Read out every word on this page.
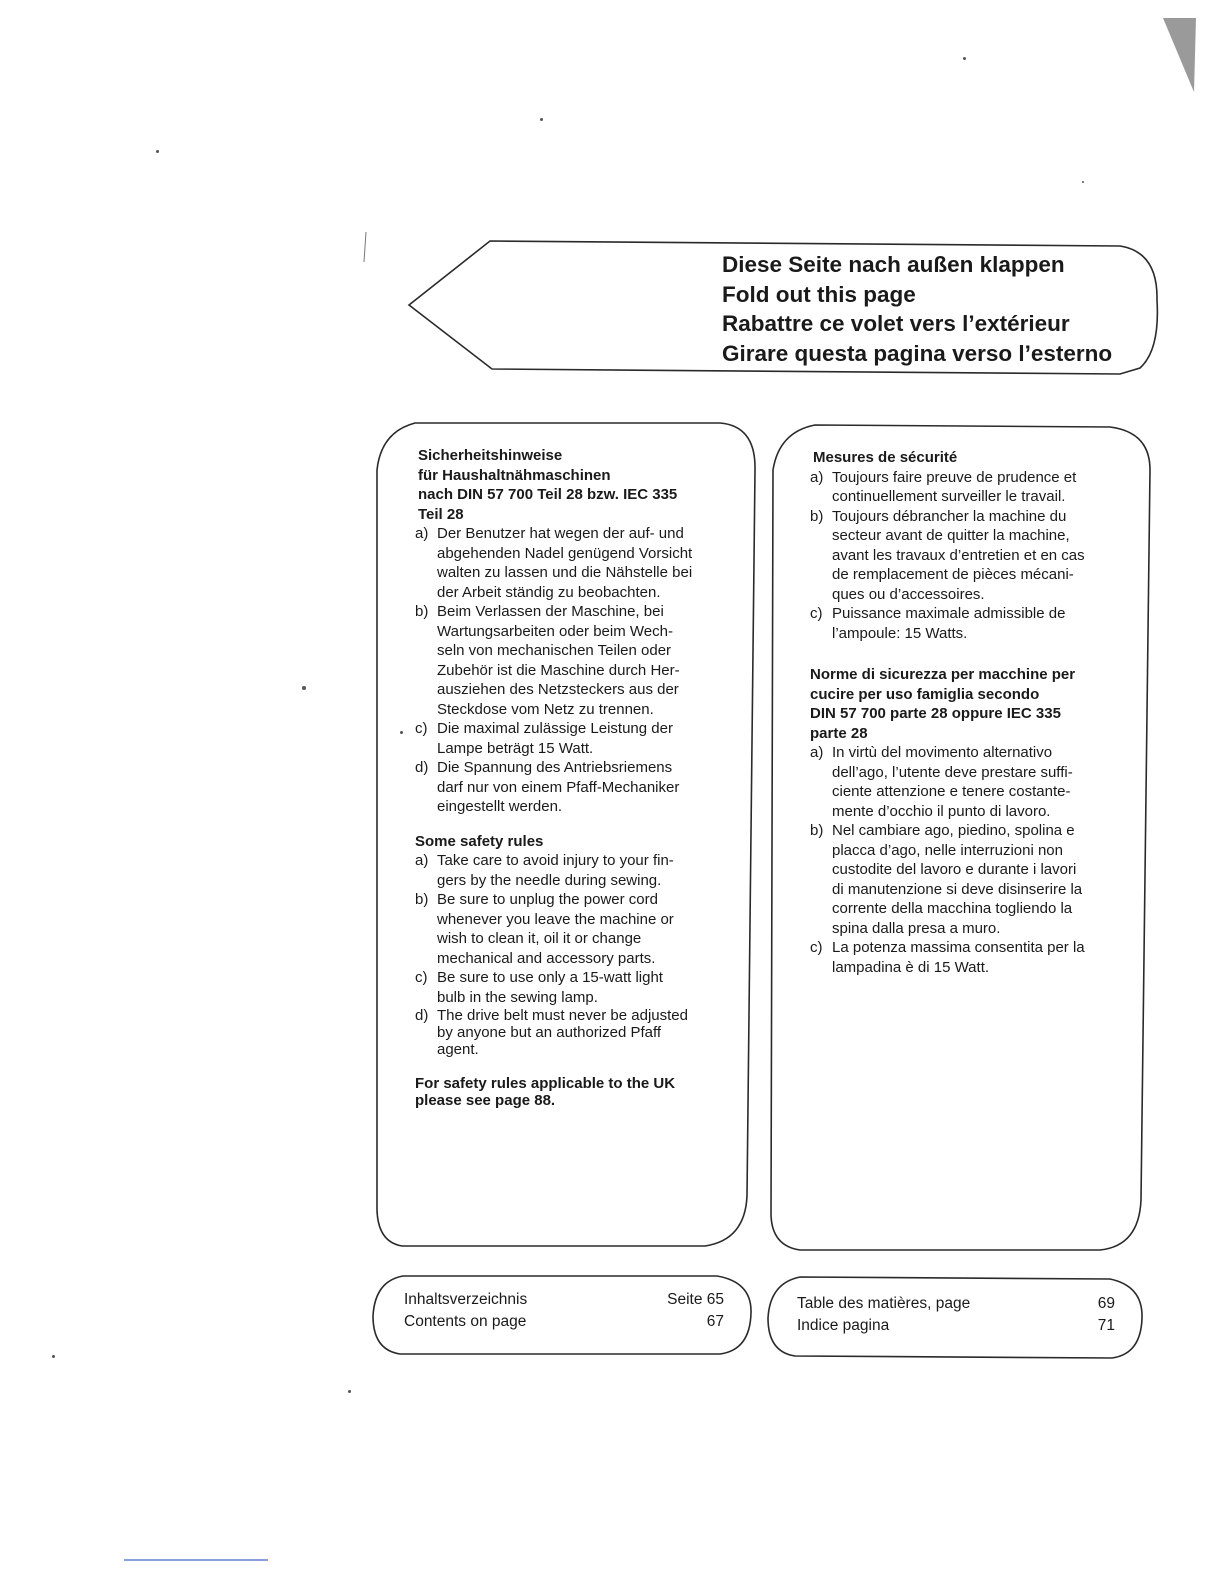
Diese Seite nach außen klappen
Fold out this page
Rabattre ce volet vers l’extérieur
Girare questa pagina verso l’esterno
Sicherheitshinweise
für Haushaltnähmaschinen
nach DIN 57 700 Teil 28 bzw. IEC 335
Teil 28
a) Der Benutzer hat wegen der auf- und
abgehenden Nadel genügend Vorsicht
walten zu lassen und die Nähstelle bei
der Arbeit ständig zu beobachten.
b) Beim Verlassen der Maschine, bei
Wartungsarbeiten oder beim Wech-
seln von mechanischen Teilen oder
Zubehör ist die Maschine durch Her-
ausziehen des Netzsteckers aus der
Steckdose vom Netz zu trennen.
c) Die maximal zulässige Leistung der
Lampe beträgt 15 Watt.
d) Die Spannung des Antriebsriemens
darf nur von einem Pfaff-Mechaniker
eingestellt werden.
Some safety rules
a) Take care to avoid injury to your fin-
gers by the needle during sewing.
b) Be sure to unplug the power cord
whenever you leave the machine or
wish to clean it, oil it or change
mechanical and accessory parts.
c) Be sure to use only a 15-watt light
bulb in the sewing lamp.
d) The drive belt must never be adjusted
by anyone but an authorized Pfaff
agent.
For safety rules applicable to the UK
please see page 88.
Mesures de sécurité
a) Toujours faire preuve de prudence et
continuellement surveiller le travail.
b) Toujours débrancher la machine du
secteur avant de quitter la machine,
avant les travaux d’entretien et en cas
de remplacement de pièces mécani-
ques ou d’accessoires.
c) Puissance maximale admissible de
l’ampoule: 15 Watts.
Norme di sicurezza per macchine per
cucire per uso famiglia secondo
DIN 57 700 parte 28 oppure IEC 335
parte 28
a) In virtù del movimento alternativo
dell’ago, l’utente deve prestare suffi-
ciente attenzione e tenere costante-
mente d’occhio il punto di lavoro.
b) Nel cambiare ago, piedino, spolina e
placca d’ago, nelle interruzioni non
custodite del lavoro e durante i lavori
di manutenzione si deve disinserire la
corrente della macchina togliendo la
spina dalla presa a muro.
c) La potenza massima consentita per la
lampadina è di 15 Watt.
Inhaltsverzeichnis	Seite 65
Contents on page	67
Table des matières, page	69
Indice pagina	71
